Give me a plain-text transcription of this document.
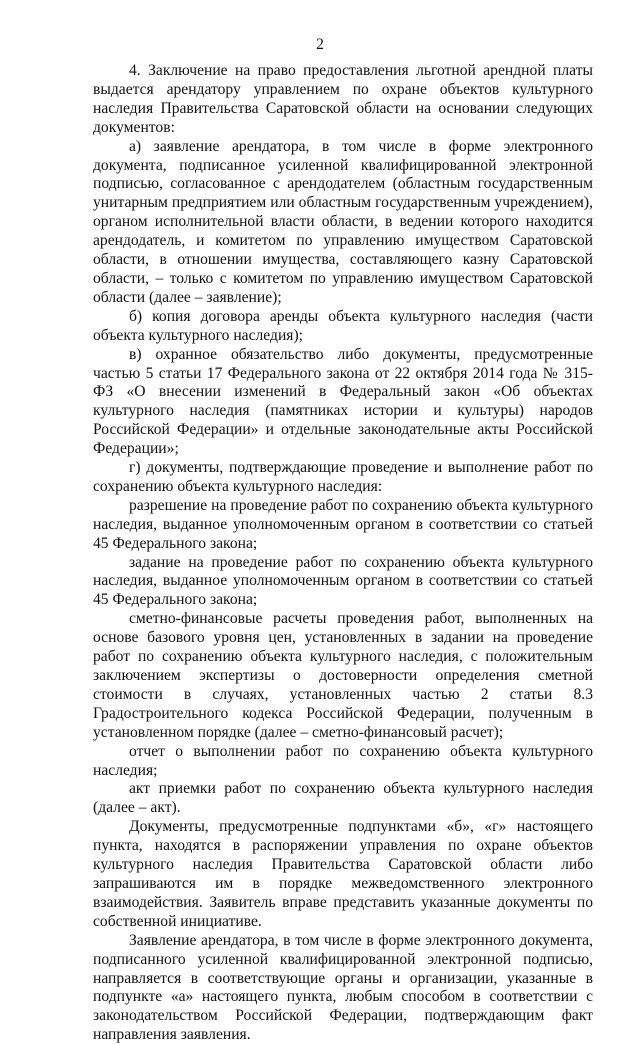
2

4. Заключение на право предоставления льготной арендной платы выдается арендатору управлением по охране объектов культурного наследия Правительства Саратовской области на основании следующих документов:

а) заявление арендатора, в том числе в форме электронного документа, подписанное усиленной квалифицированной электронной подписью, согласованное с арендодателем (областным государственным унитарным предприятием или областным государственным учреждением), органом исполнительной власти области, в ведении которого находится арендодатель, и комитетом по управлению имуществом Саратовской области, в отношении имущества, составляющего казну Саратовской области, – только с комитетом по управлению имуществом Саратовской области (далее – заявление);

б) копия договора аренды объекта культурного наследия (части объекта культурного наследия);

в) охранное обязательство либо документы, предусмотренные частью 5 статьи 17 Федерального закона от 22 октября 2014 года № 315-ФЗ «О внесении изменений в Федеральный закон «Об объектах культурного наследия (памятниках истории и культуры) народов Российской Федерации» и отдельные законодательные акты Российской Федерации»;

г) документы, подтверждающие проведение и выполнение работ по сохранению объекта культурного наследия:

разрешение на проведение работ по сохранению объекта культурного наследия, выданное уполномоченным органом в соответствии со статьей 45 Федерального закона;

задание на проведение работ по сохранению объекта культурного наследия, выданное уполномоченным органом в соответствии со статьей 45 Федерального закона;

сметно-финансовые расчеты проведения работ, выполненных на основе базового уровня цен, установленных в задании на проведение работ по сохранению объекта культурного наследия, с положительным заключением экспертизы о достоверности определения сметной стоимости в случаях, установленных частью 2 статьи 8.3 Градостроительного кодекса Российской Федерации, полученным в установленном порядке (далее – сметно-финансовый расчет);

отчет о выполнении работ по сохранению объекта культурного наследия;

акт приемки работ по сохранению объекта культурного наследия (далее – акт).

Документы, предусмотренные подпунктами «б», «г» настоящего пункта, находятся в распоряжении управления по охране объектов культурного наследия Правительства Саратовской области либо запрашиваются им в порядке межведомственного электронного взаимодействия. Заявитель вправе представить указанные документы по собственной инициативе.

Заявление арендатора, в том числе в форме электронного документа, подписанного усиленной квалифицированной электронной подписью, направляется в соответствующие органы и организации, указанные в подпункте «а» настоящего пункта, любым способом в соответствии с законодательством Российской Федерации, подтверждающим факт направления заявления.
